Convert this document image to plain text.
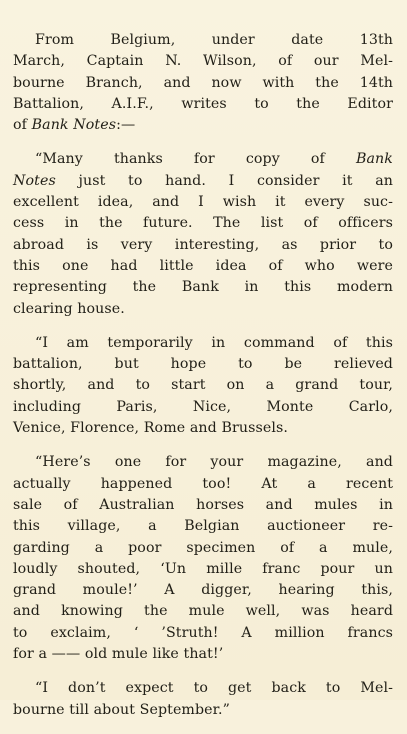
From Belgium, under date 13th
March, Captain N. Wilson, of our Mel-
bourne Branch, and now with the 14th
Battalion, A.I.F., writes to the Editor
of Bank Notes:—
“Many thanks for copy of Bank
Notes just to hand. I consider it an
excellent idea, and I wish it every suc-
cess in the future. The list of officers
abroad is very interesting, as prior to
this one had little idea of who were
representing the Bank in this modern
clearing house.
“I am temporarily in command of this
battalion, but hope to be relieved
shortly, and to start on a grand tour,
including Paris, Nice, Monte Carlo,
Venice, Florence, Rome and Brussels.
“Here’s one for your magazine, and
actually happened too! At a recent
sale of Australian horses and mules in
this village, a Belgian auctioneer re-
garding a poor specimen of a mule,
loudly shouted, ‘Un mille franc pour un
grand moule!’ A digger, hearing this,
and knowing the mule well, was heard
to exclaim, ‘ ’Struth! A million francs
for a —— old mule like that!’
“I don’t expect to get back to Mel-
bourne till about September.”
